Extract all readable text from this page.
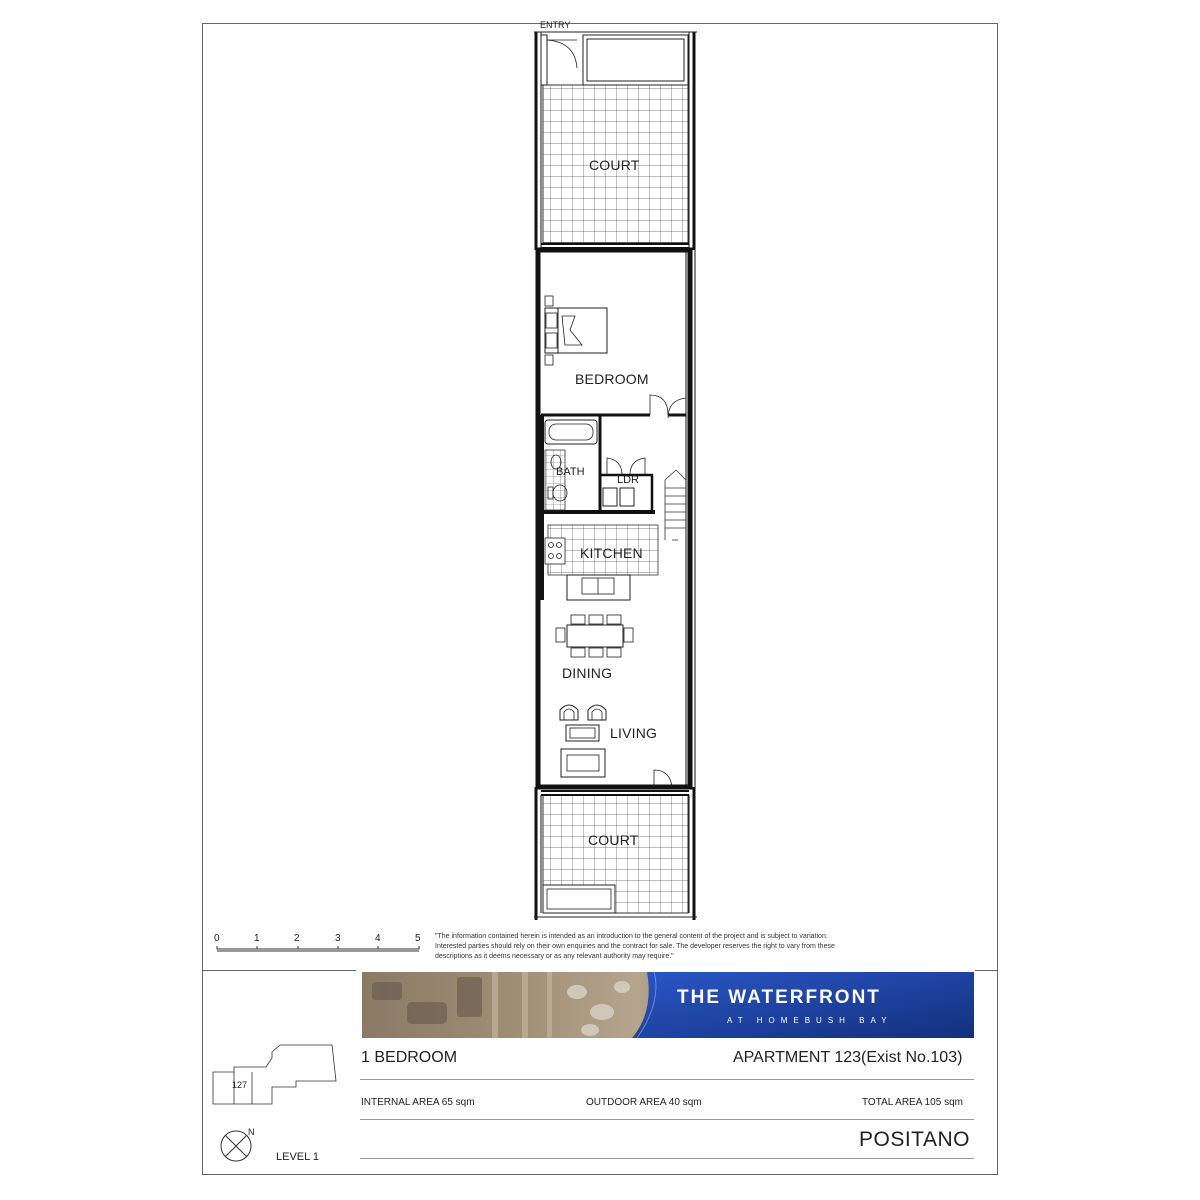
ENTRY
COURT
BEDROOM
BATH
LDR
KITCHEN
DINING
LIVING
COURT
0	1	2	3	4	5 "The information contained herein is intended as an introduction to the general content of the project and is subject to variation.
Interested parties should rely on their own enquiries and the contract for sale. The developer reserves the right to vary from these
descriptions as it deems necessary or as any relevant authority may require."
THE WATERFRONT
AT HOMEBUSH BAY
127
N
LEVEL 1
1 BEDROOM	APARTMENT 123(Exist No.103)
INTERNAL AREA 65 sqm	OUTDOOR AREA 40 sqm	TOTAL AREA 105 sqm
POSITANO
